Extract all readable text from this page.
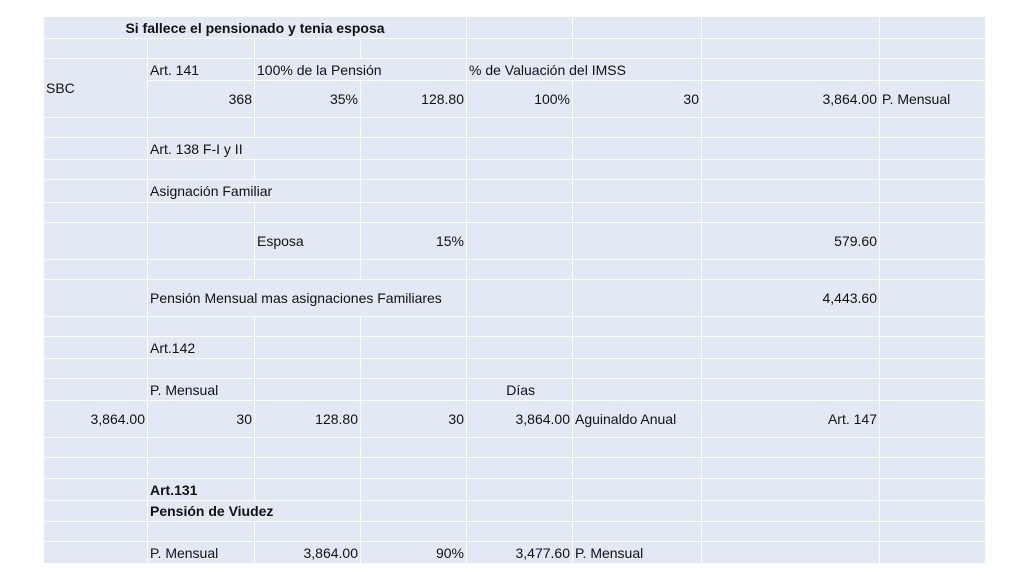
Si fallece el pensionado y tenia esposa							

SBC	Art. 141	100% de la Pensión		% de Valuación del IMSS			
	368	35%	128.80	100%	30	3,864.00	P. Mensual

	Art. 138 F-I y II						

	Asignación Familiar						

		Esposa	15%			579.60	

	Pensión Mensual mas asignaciones Familiares					4,443.60	

	Art.142						

	P. Mensual			Días			
3,864.00	30	128.80	30	3,864.00	Aguinaldo Anual	Art. 147	

	Art.131						
	Pensión de Viudez						

	P. Mensual	3,864.00	90%	3,477.60	P. Mensual		
